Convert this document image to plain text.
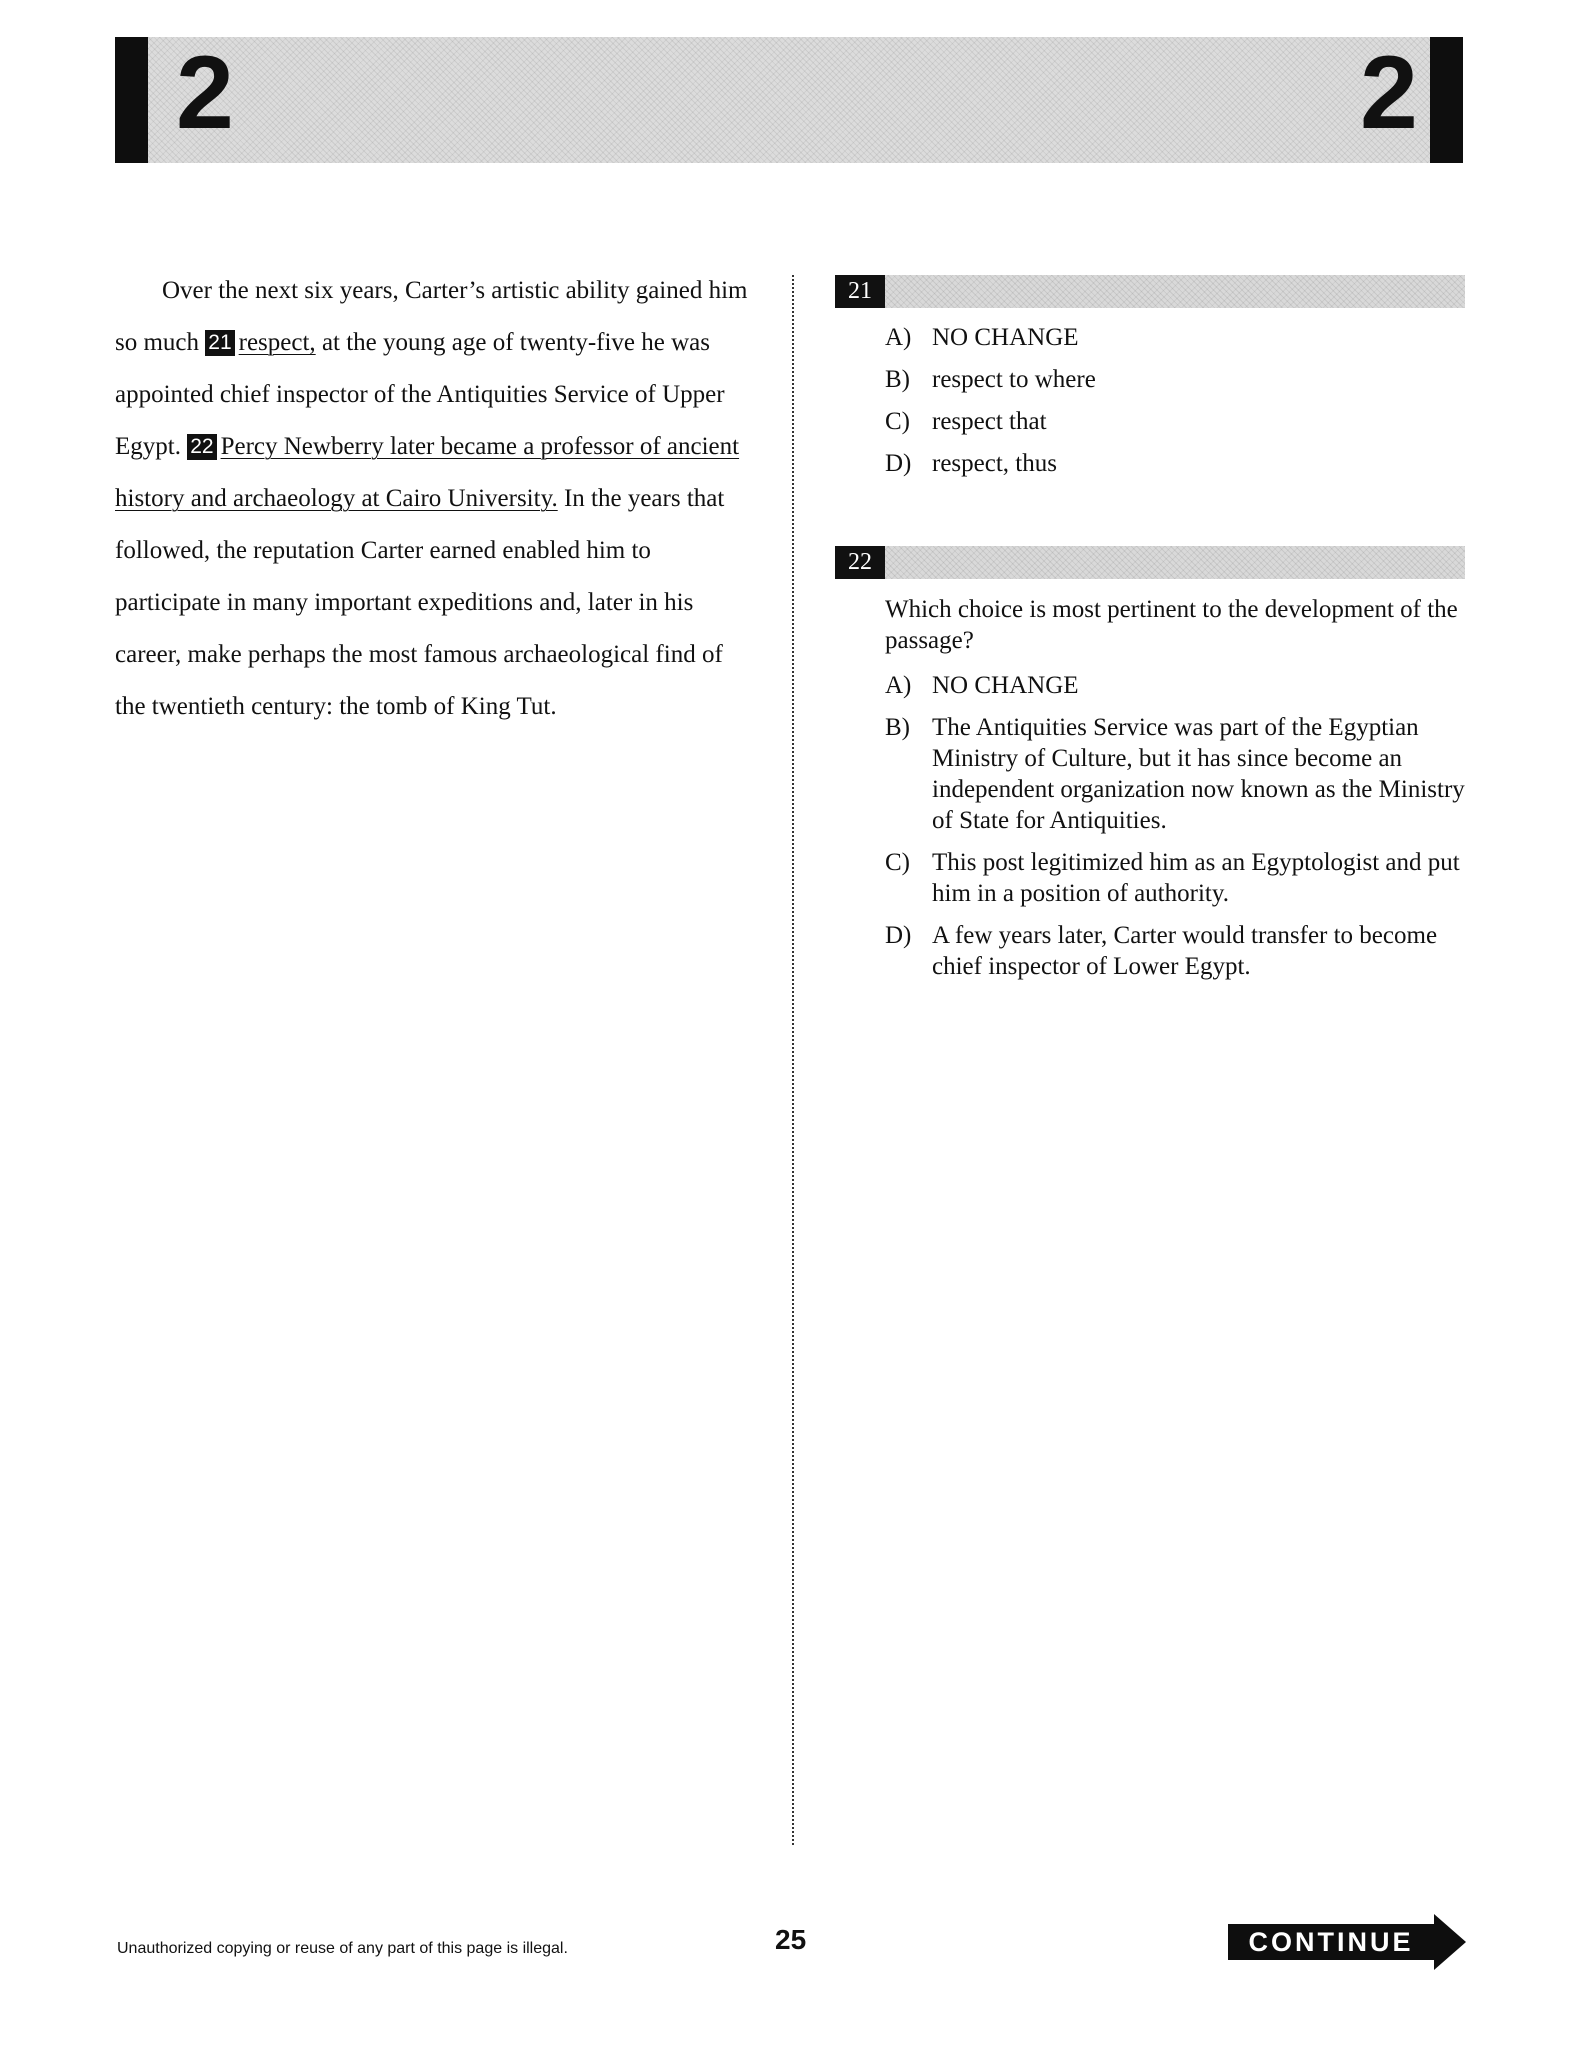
2	2

Over the next six years, Carter’s artistic ability gained him so much 21 respect, at the young age of twenty-five he was appointed chief inspector of the Antiquities Service of Upper Egypt. 22 Percy Newberry later became a professor of ancient history and archaeology at Cairo University. In the years that followed, the reputation Carter earned enabled him to participate in many important expeditions and, later in his career, make perhaps the most famous archaeological find of the twentieth century: the tomb of King Tut.

21
A) NO CHANGE
B) respect to where
C) respect that
D) respect, thus
22

Which choice is most pertinent to the development of the passage?

A) NO CHANGE
B) The Antiquities Service was part of the Egyptian Ministry of Culture, but it has since become an independent organization now known as the Ministry of State for Antiquities.
C) This post legitimized him as an Egyptologist and put him in a position of authority.
D) A few years later, Carter would transfer to become chief inspector of Lower Egypt.
Unauthorized copying or reuse of any part of this page is illegal.	25	CONTINUE
